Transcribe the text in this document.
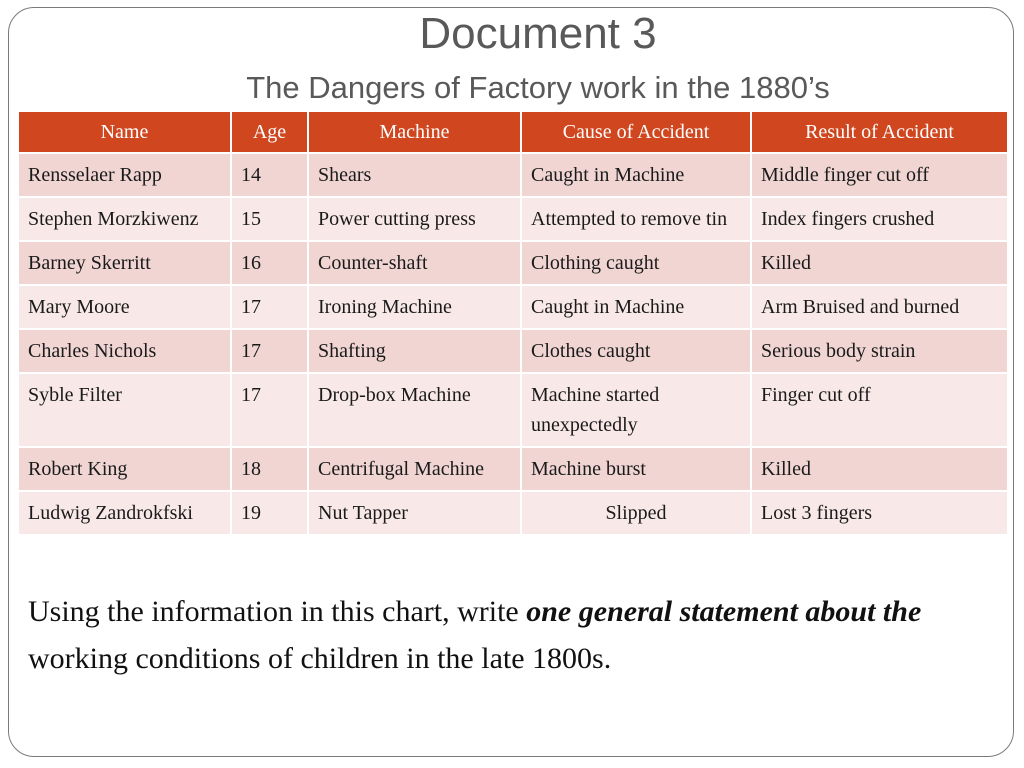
Document 3
The Dangers of Factory work in the 1880’s
Name	Age	Machine	Cause of Accident	Result of Accident
Rensselaer Rapp	14	Shears	Caught in Machine	Middle finger cut off
Stephen Morzkiwenz	15	Power cutting press	Attempted to remove tin	Index fingers crushed
Barney Skerritt	16	Counter-shaft	Clothing caught	Killed
Mary Moore	17	Ironing Machine	Caught in Machine	Arm Bruised and burned
Charles Nichols	17	Shafting	Clothes caught	Serious body strain
Syble Filter	17	Drop-box Machine	Machine started unexpectedly	Finger cut off
Robert King	18	Centrifugal Machine	Machine burst	Killed
Ludwig Zandrokfski	19	Nut Tapper	Slipped	Lost 3 fingers
Using the information in this chart, write one general statement about the working conditions of children in the late 1800s.
